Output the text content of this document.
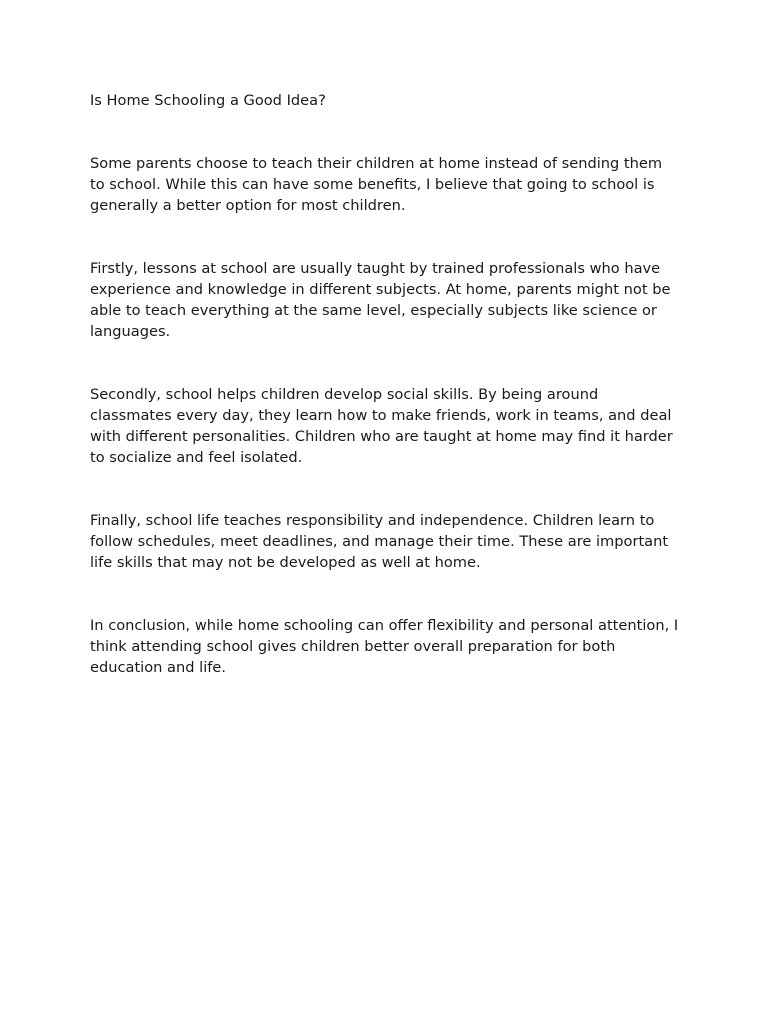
Is Home Schooling a Good Idea?

Some parents choose to teach their children at home instead of sending them to school. While this can have some benefits, I believe that going to school is generally a better option for most children.

Firstly, lessons at school are usually taught by trained professionals who have experience and knowledge in different subjects. At home, parents might not be able to teach everything at the same level, especially subjects like science or languages.

Secondly, school helps children develop social skills. By being around classmates every day, they learn how to make friends, work in teams, and deal with different personalities. Children who are taught at home may find it harder to socialize and feel isolated.

Finally, school life teaches responsibility and independence. Children learn to follow schedules, meet deadlines, and manage their time. These are important life skills that may not be developed as well at home.

In conclusion, while home schooling can offer flexibility and personal attention, I think attending school gives children better overall preparation for both education and life.
